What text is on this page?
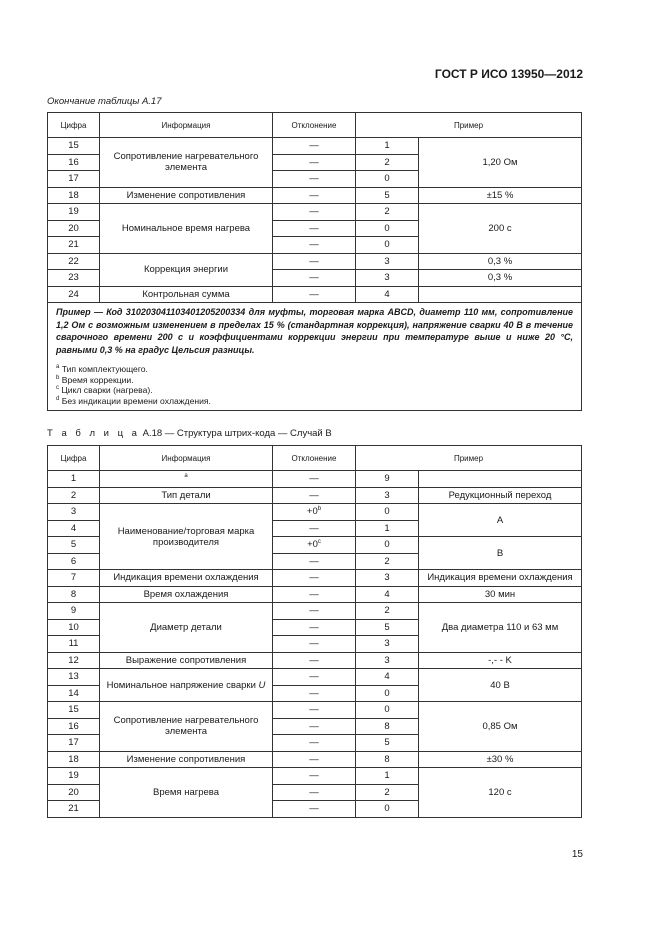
ГОСТ Р ИСО 13950—2012
Окончание таблицы А.17
Цифра	Информация	Отклонение	Пример	
15	Сопротивление нагревательного элемента	—	1	1,20 Ом
16		—	2	
17		—	0	
18	Изменение сопротивления	—	5	±15 %
19	Номинальное время нагрева	—	2	200 с
20		—	0	
21		—	0	
22	Коррекция энергии	—	3	0,3 %
23		—	3	0,3 %
24	Контрольная сумма	—	4	

Пример — Код 310203041103401205200334 для муфты, торговая марка ABCD, диаметр 110 мм, сопротивление 1,2 Ом с возможным изменением в пределах 15 % (стандартная коррекция), напряжение сварки 40 В в течение сварочного времени 200 с и коэффициентами коррекции энергии при температуре выше и ниже 20 °С, равными 0,3 % на градус Цельсия разницы.
$^a$ Тип комплектующего.
$^b$ Время коррекции.
$^c$ Цикл сварки (нагрева).
$^d$ Без индикации времени охлаждения.				
Т а б л и ц а А.18 — Структура штрих-кода — Случай В
Цифра	Информация	Отклонение	Пример	
1	$^a$	—	9	
2	Тип детали	—	3	Редукционный переход
3	Наименование/торговая марка производителя	$+0^b$	0	A
4		—	1	
5		$+0^c$	0	B
6		—	2	
7	Индикация времени охлаждения	—	3	Индикация времени охлаждения
8	Время охлаждения	—	4	30 мин
9	Диаметр детали	—	2	Два диаметра 110 и 63 мм
10		—	5	
11		—	3	
12	Выражение сопротивления	—	3	-,- - K
13	Номинальное напряжение сварки U	—	4	40 В
14		—	0	
15	Сопротивление нагревательного элемента	—	0	0,85 Ом
16		—	8	
17		—	5	
18	Изменение сопротивления	—	8	±30 %
19	Время нагрева	—	1	120 с
20		—	2	
21		—	0	
15
